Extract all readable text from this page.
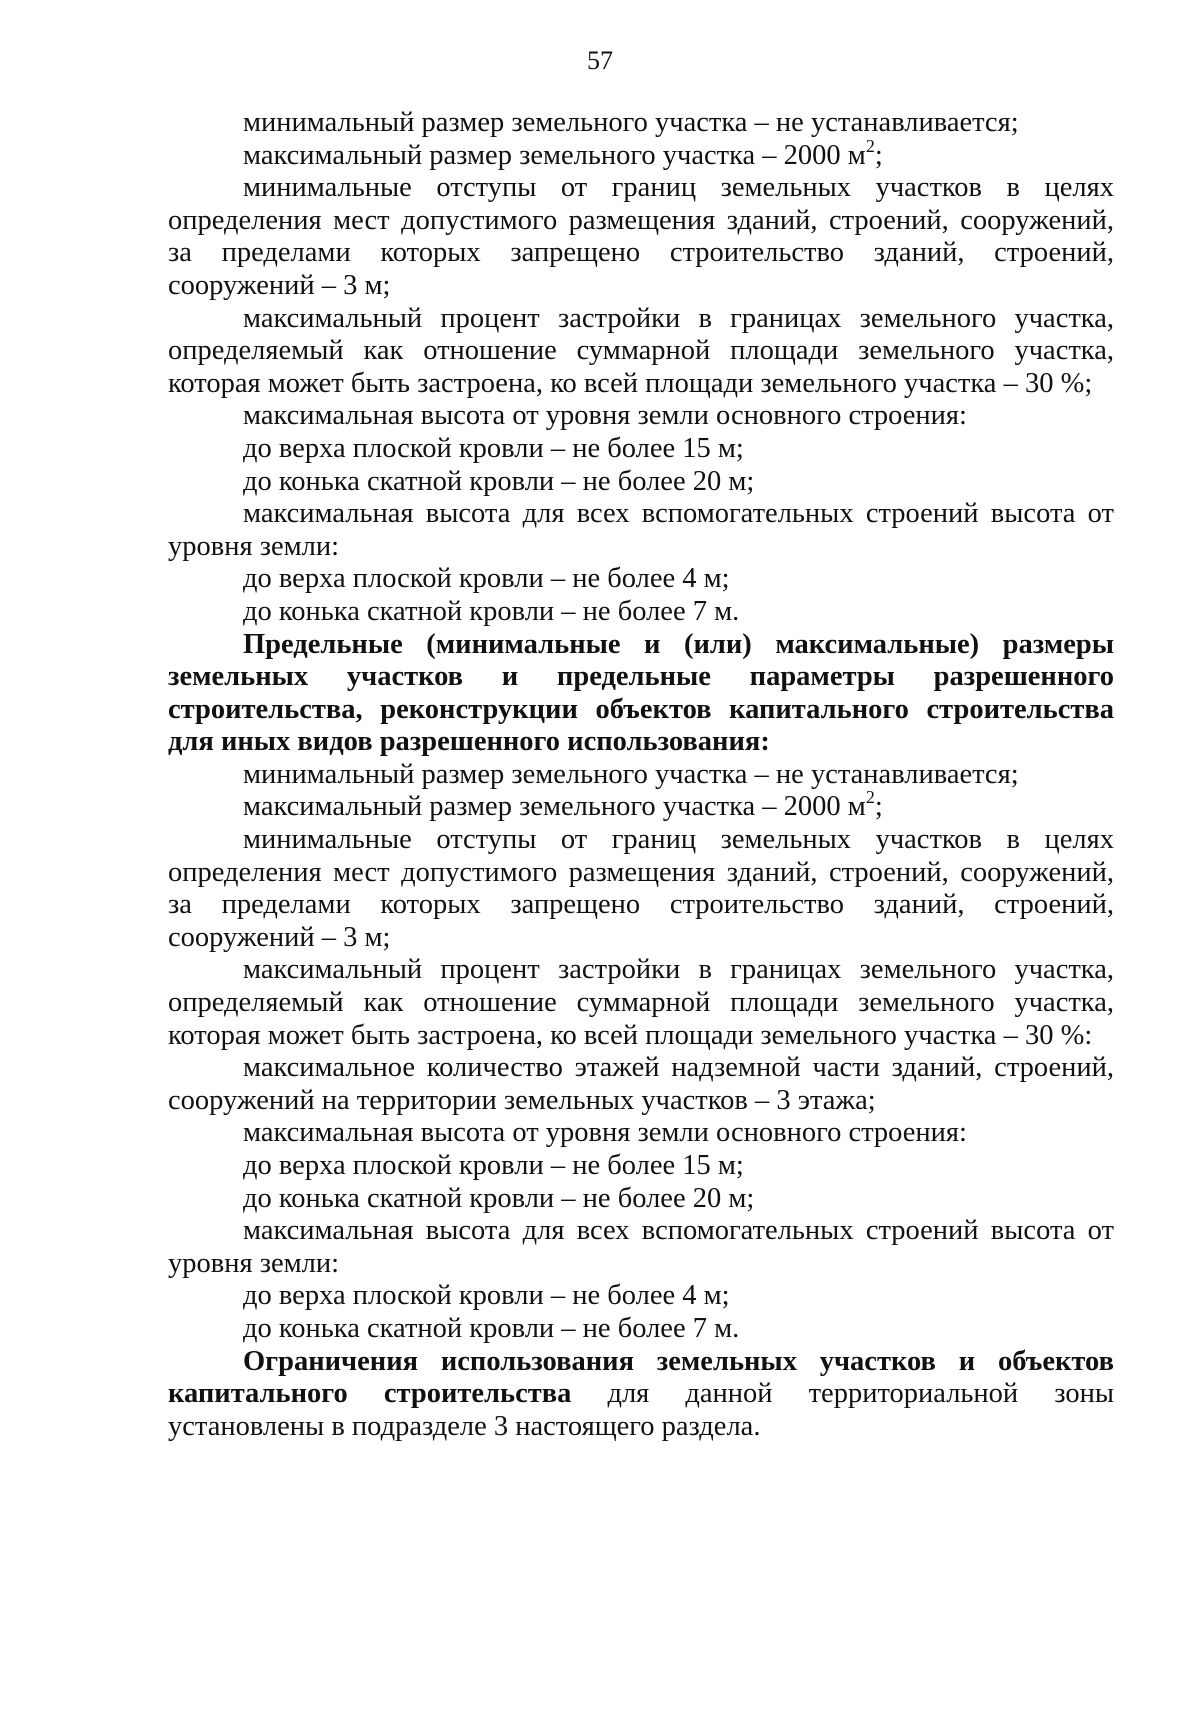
57

минимальный размер земельного участка – не устанавливается;

максимальный размер земельного участка – 2000 $м^2$;

минимальные отступы от границ земельных участков в целях определения мест допустимого размещения зданий, строений, сооружений, за пределами которых запрещено строительство зданий, строений, сооружений – 3 м;

максимальный процент застройки в границах земельного участка, определяемый как отношение суммарной площади земельного участка, которая может быть застроена, ко всей площади земельного участка – 30 %;

максимальная высота от уровня земли основного строения:

до верха плоской кровли – не более 15 м;

до конька скатной кровли – не более 20 м;

максимальная высота для всех вспомогательных строений высота от уровня земли:

до верха плоской кровли – не более 4 м;

до конька скатной кровли – не более 7 м.

Предельные (минимальные и (или) максимальные) размеры земельных участков и предельные параметры разрешенного строительства, реконструкции объектов капитального строительства для иных видов разрешенного использования:

минимальный размер земельного участка – не устанавливается;

максимальный размер земельного участка – 2000 $м^2$;

минимальные отступы от границ земельных участков в целях определения мест допустимого размещения зданий, строений, сооружений, за пределами которых запрещено строительство зданий, строений, сооружений – 3 м;

максимальный процент застройки в границах земельного участка, определяемый как отношение суммарной площади земельного участка, которая может быть застроена, ко всей площади земельного участка – 30 %:

максимальное количество этажей надземной части зданий, строений, сооружений на территории земельных участков – 3 этажа;

максимальная высота от уровня земли основного строения:

до верха плоской кровли – не более 15 м;

до конька скатной кровли – не более 20 м;

максимальная высота для всех вспомогательных строений высота от уровня земли:

до верха плоской кровли – не более 4 м;

до конька скатной кровли – не более 7 м.

Ограничения использования земельных участков и объектов капитального строительства для данной территориальной зоны установлены в подразделе 3 настоящего раздела.
